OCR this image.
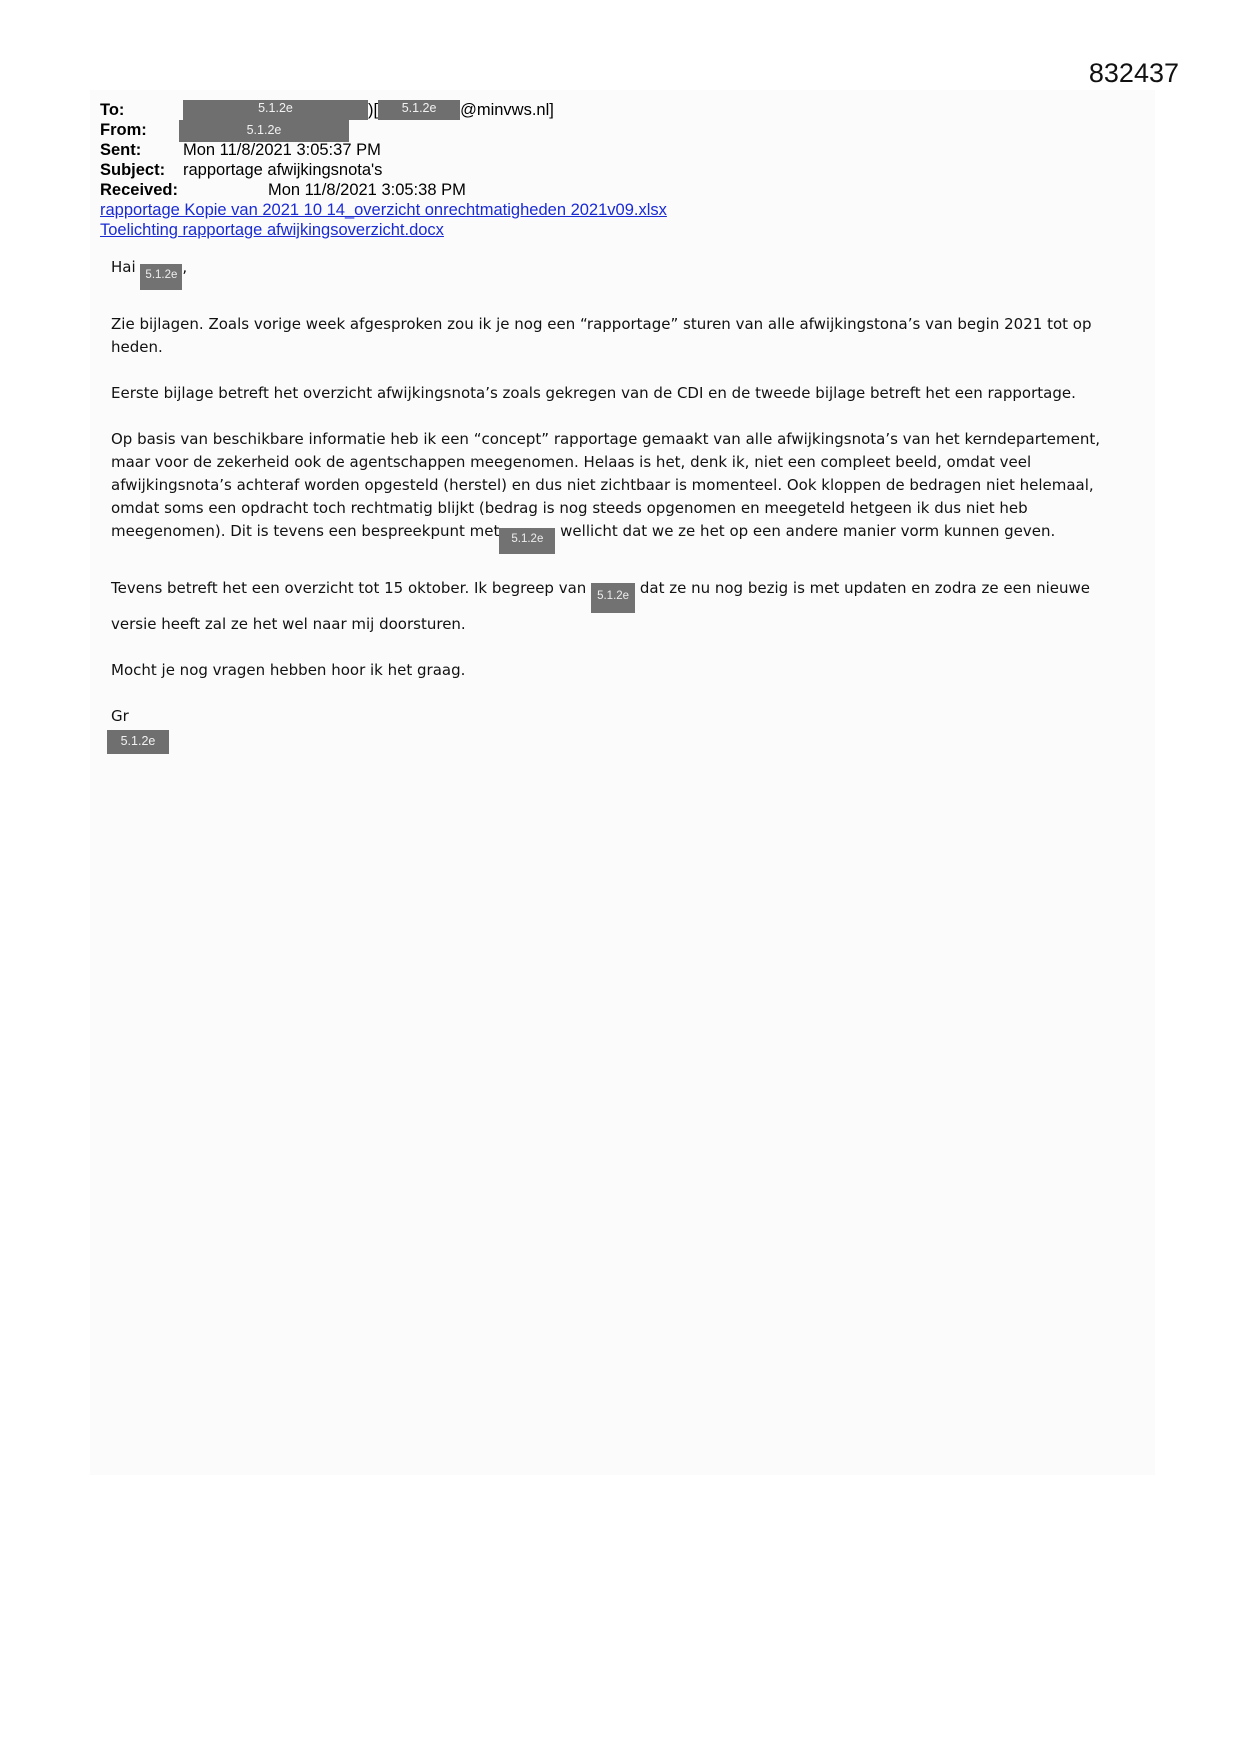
832437
To:	5.1.2e	)[ 5.1.2e @minvws.nl]
From:	5.1.2e
Sent:	Mon 11/8/2021 3:05:37 PM
Subject: rapportage afwijkingsnota's
Received:	Mon 11/8/2021 3:05:38 PM
rapportage Kopie van 2021 10 14_overzicht onrechtmatigheden 2021v09.xlsx
Toelichting rapportage afwijkingsoverzicht.docx

Hai 5.1.2e ,

Zie bijlagen. Zoals vorige week afgesproken zou ik je nog een “rapportage” sturen van alle afwijkingstona’s van begin 2021 tot op heden.

Eerste bijlage betreft het overzicht afwijkingsnota’s zoals gekregen van de CDI en de tweede bijlage betreft het een rapportage.

Op basis van beschikbare informatie heb ik een “concept” rapportage gemaakt van alle afwijkingsnota’s van het kerndepartement, maar voor de zekerheid ook de agentschappen meegenomen. Helaas is het, denk ik, niet een compleet beeld, omdat veel afwijkingsnota’s achteraf worden opgesteld (herstel) en dus niet zichtbaar is momenteel. Ook kloppen de bedragen niet helemaal, omdat soms een opdracht toch rechtmatig blijkt (bedrag is nog steeds opgenomen en meegeteld hetgeen ik dus niet heb meegenomen). Dit is tevens een bespreekpunt met 5.1.2e wellicht dat we ze het op een andere manier vorm kunnen geven.

Tevens betreft het een overzicht tot 15 oktober. Ik begreep van 5.1.2e dat ze nu nog bezig is met updaten en zodra ze een nieuwe versie heeft zal ze het wel naar mij doorsturen.

Mocht je nog vragen hebben hoor ik het graag.

Gr
5.1.2e
